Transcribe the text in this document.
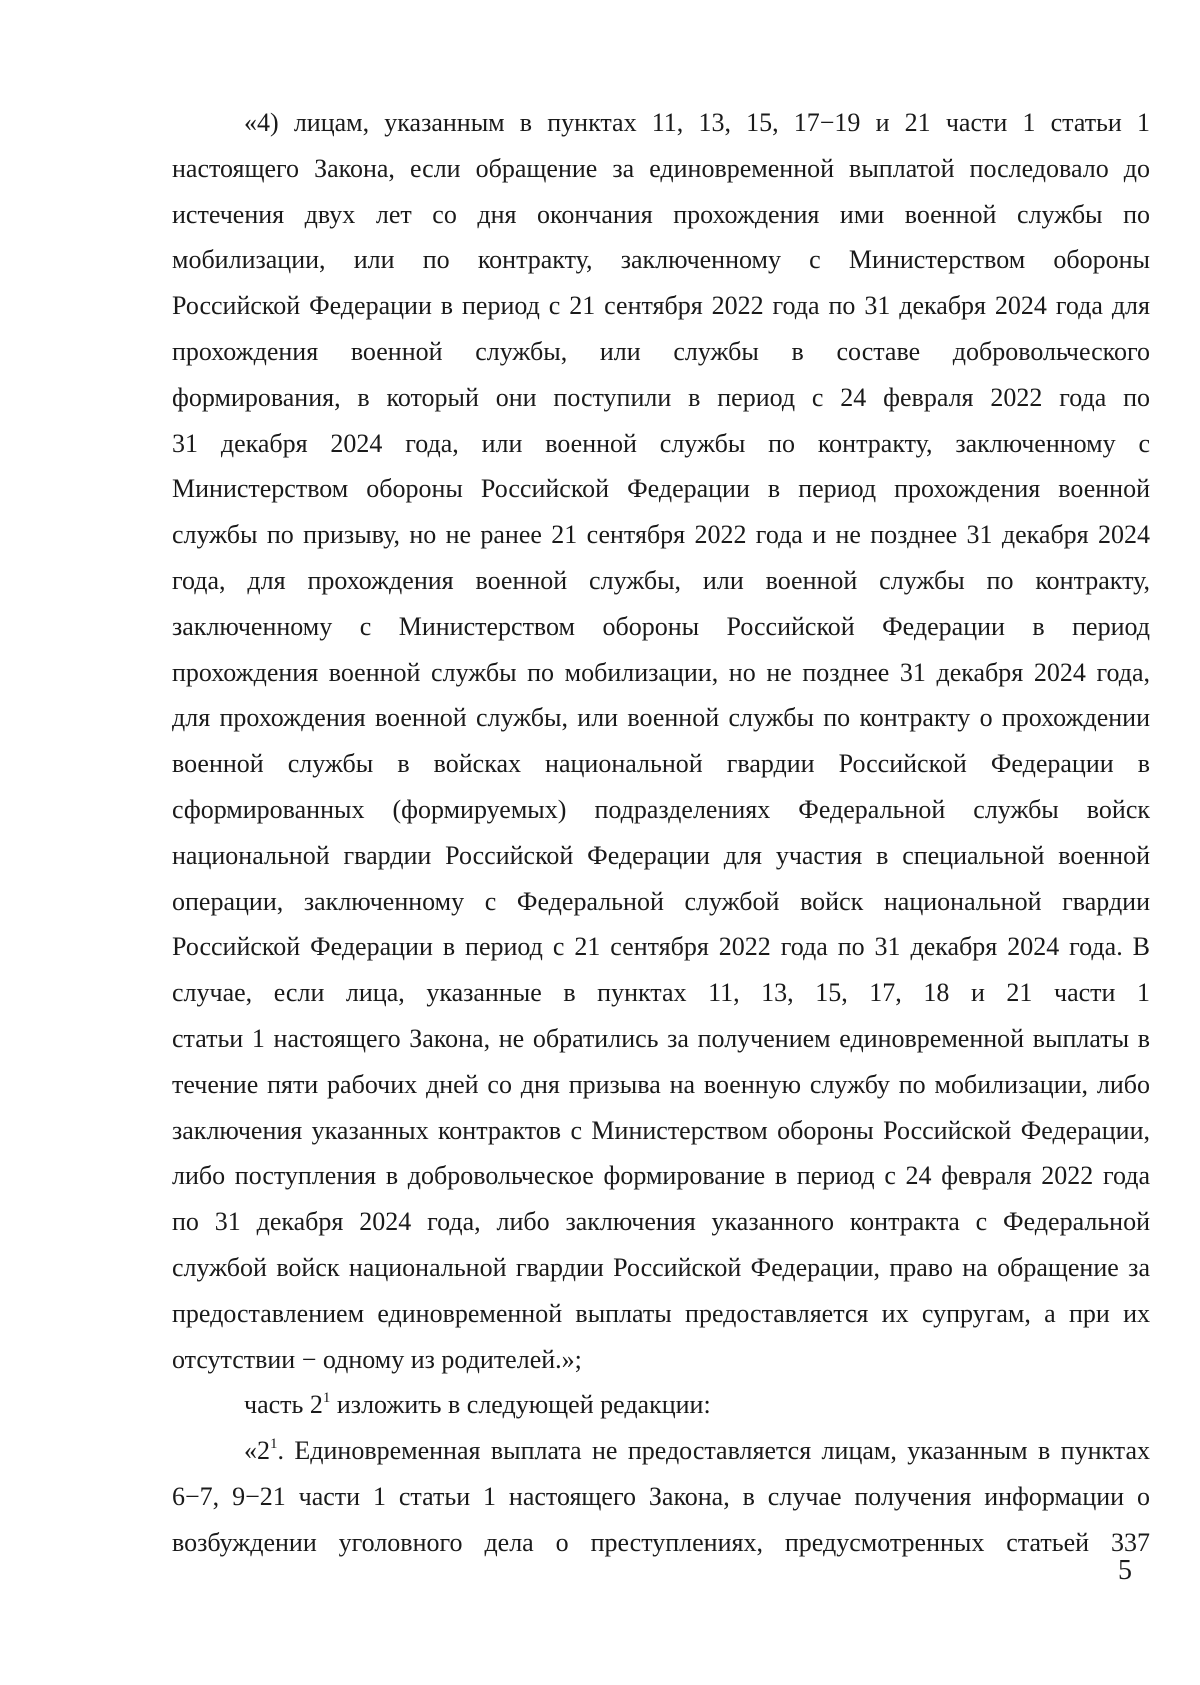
«4) лицам, указанным в пунктах 11, 13, 15, 17−19 и 21 части 1 статьи 1
настоящего Закона, если обращение за единовременной выплатой последовало до
истечения двух лет со дня окончания прохождения ими военной службы по
мобилизации, или по контракту, заключенному с Министерством обороны
Российской Федерации в период с 21 сентября 2022 года по 31 декабря 2024 года для
прохождения военной службы, или службы в составе добровольческого
формирования, в который они поступили в период с 24 февраля 2022 года по
31 декабря 2024 года, или военной службы по контракту, заключенному с
Министерством обороны Российской Федерации в период прохождения военной
службы по призыву, но не ранее 21 сентября 2022 года и не позднее 31 декабря 2024
года, для прохождения военной службы, или военной службы по контракту,
заключенному с Министерством обороны Российской Федерации в период
прохождения военной службы по мобилизации, но не позднее 31 декабря 2024 года,
для прохождения военной службы, или военной службы по контракту о прохождении
военной службы в войсках национальной гвардии Российской Федерации в
сформированных (формируемых) подразделениях Федеральной службы войск
национальной гвардии Российской Федерации для участия в специальной военной
операции, заключенному с Федеральной службой войск национальной гвардии
Российской Федерации в период с 21 сентября 2022 года по 31 декабря 2024 года. В
случае, если лица, указанные в пунктах 11, 13, 15, 17, 18 и 21 части 1
статьи 1 настоящего Закона, не обратились за получением единовременной выплаты в
течение пяти рабочих дней со дня призыва на военную службу по мобилизации, либо
заключения указанных контрактов с Министерством обороны Российской Федерации,
либо поступления в добровольческое формирование в период с 24 февраля 2022 года
по 31 декабря 2024 года, либо заключения указанного контракта с Федеральной
службой войск национальной гвардии Российской Федерации, право на обращение за
предоставлением единовременной выплаты предоставляется их супругам, а при их
отсутствии − одному из родителей.»;
часть $2^1$ изложить в следующей редакции:
«$2^1$. Единовременная выплата не предоставляется лицам, указанным в пунктах
6−7, 9−21 части 1 статьи 1 настоящего Закона, в случае получения информации о
возбуждении уголовного дела о преступлениях, предусмотренных статьей 337
5
